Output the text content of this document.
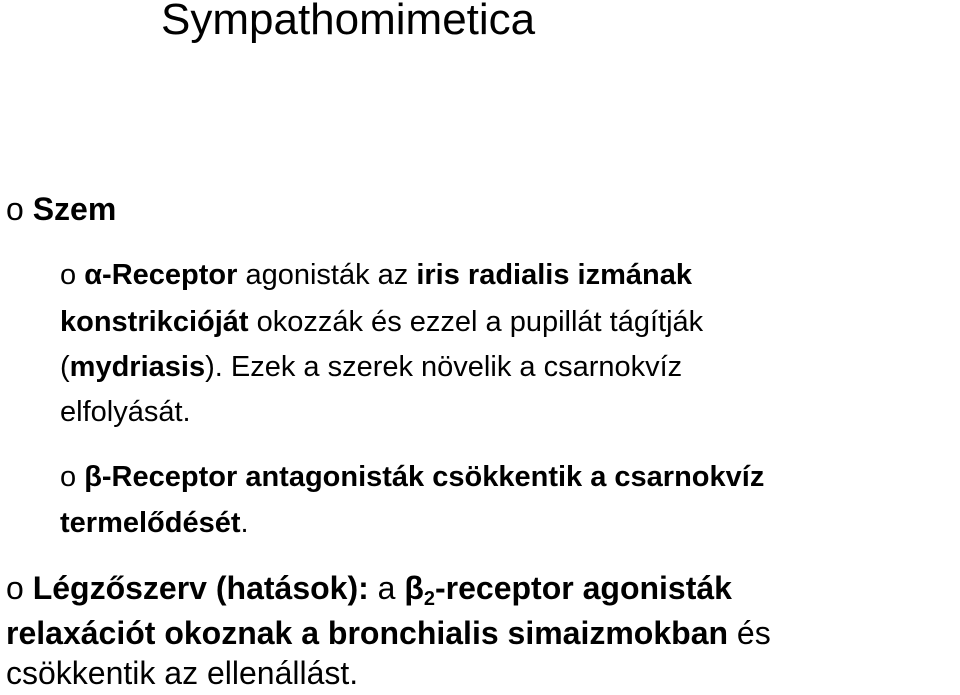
Sympathomimetica
o Szem
o α-Receptor agonisták az iris radialis izmának
konstrikcióját okozzák és ezzel a pupillát tágítják
(mydriasis). Ezek a szerek növelik a csarnokvíz
elfolyását.
o β-Receptor antagonisták csökkentik a csarnokvíz
termelődését.
o Légzőszerv (hatások): a $\beta_2$-receptor agonisták
relaxációt okoznak a bronchialis simaizmokban és
csökkentik az ellenállást.
